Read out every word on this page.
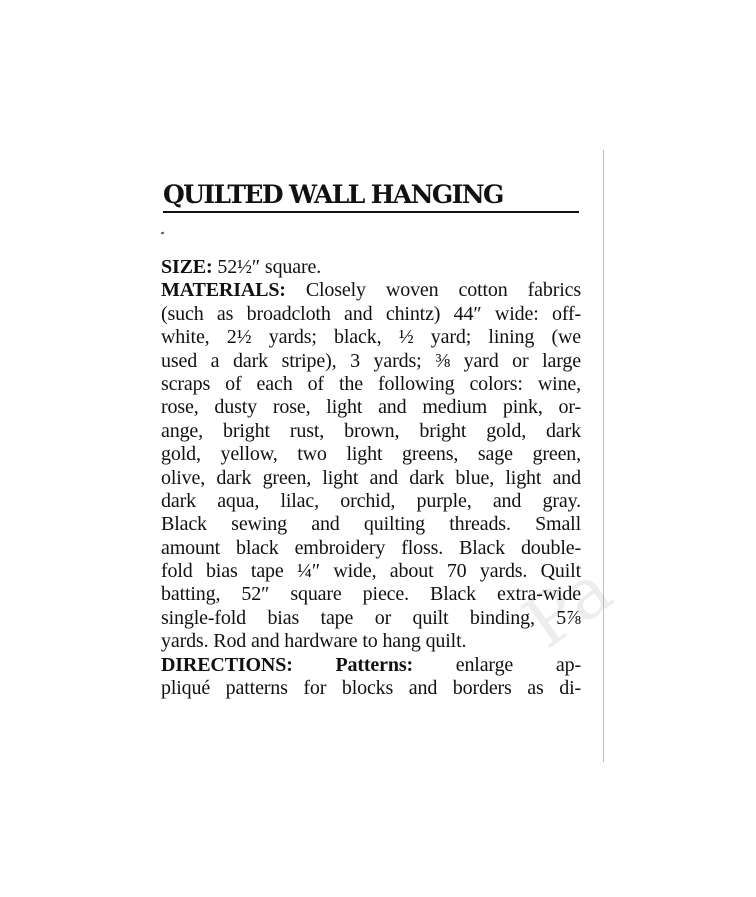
QUILTED WALL HANGING
Pa
SIZE: 52½″ square.
MATERIALS: Closely woven cotton fabrics
(such as broadcloth and chintz) 44″ wide: off-
white, 2½ yards; black, ½ yard; lining (we
used a dark stripe), 3 yards; ⅜ yard or large
scraps of each of the following colors: wine,
rose, dusty rose, light and medium pink, or-
ange, bright rust, brown, bright gold, dark
gold, yellow, two light greens, sage green,
olive, dark green, light and dark blue, light and
dark aqua, lilac, orchid, purple, and gray.
Black sewing and quilting threads. Small
amount black embroidery floss. Black double-
fold bias tape ¼″ wide, about 70 yards. Quilt
batting, 52″ square piece. Black extra-wide
single-fold bias tape or quilt binding, 5⅞
yards. Rod and hardware to hang quilt.
DIRECTIONS: Patterns: enlarge ap-
pliqué patterns for blocks and borders as di-
